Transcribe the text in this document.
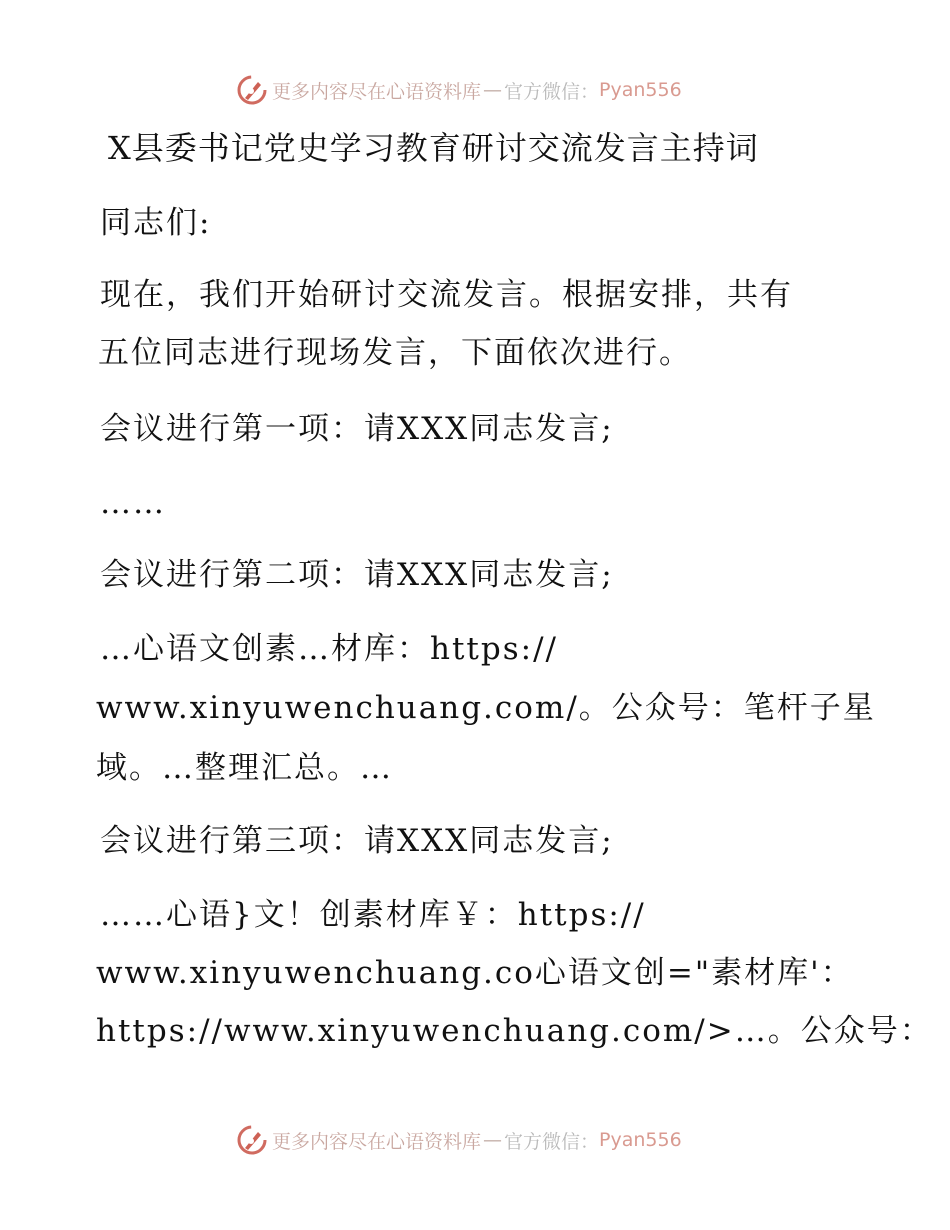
更多内容尽在心语资料库 — 官方微信： Pyan556
X县委书记党史学习教育研讨交流发言主持词
同志们:
现在，我们开始研讨交流发言。根据安排，共有
五位同志进行现场发言，下面依次进行。
会议进行第一项：请XXX同志发言;
……
会议进行第二项：请XXX同志发言;
…心语文创素…材库：https://
www.xinyuwenchuang.com/。公众号：笔杆子星
域。…整理汇总。…
会议进行第三项：请XXX同志发言;
……心语}文！创素材库￥：https://
www.xinyuwenchuang.co心语文创="素材库'：
https://www.xinyuwenchuang.com/>…。公众号：
更多内容尽在心语资料库 — 官方微信： Pyan556
